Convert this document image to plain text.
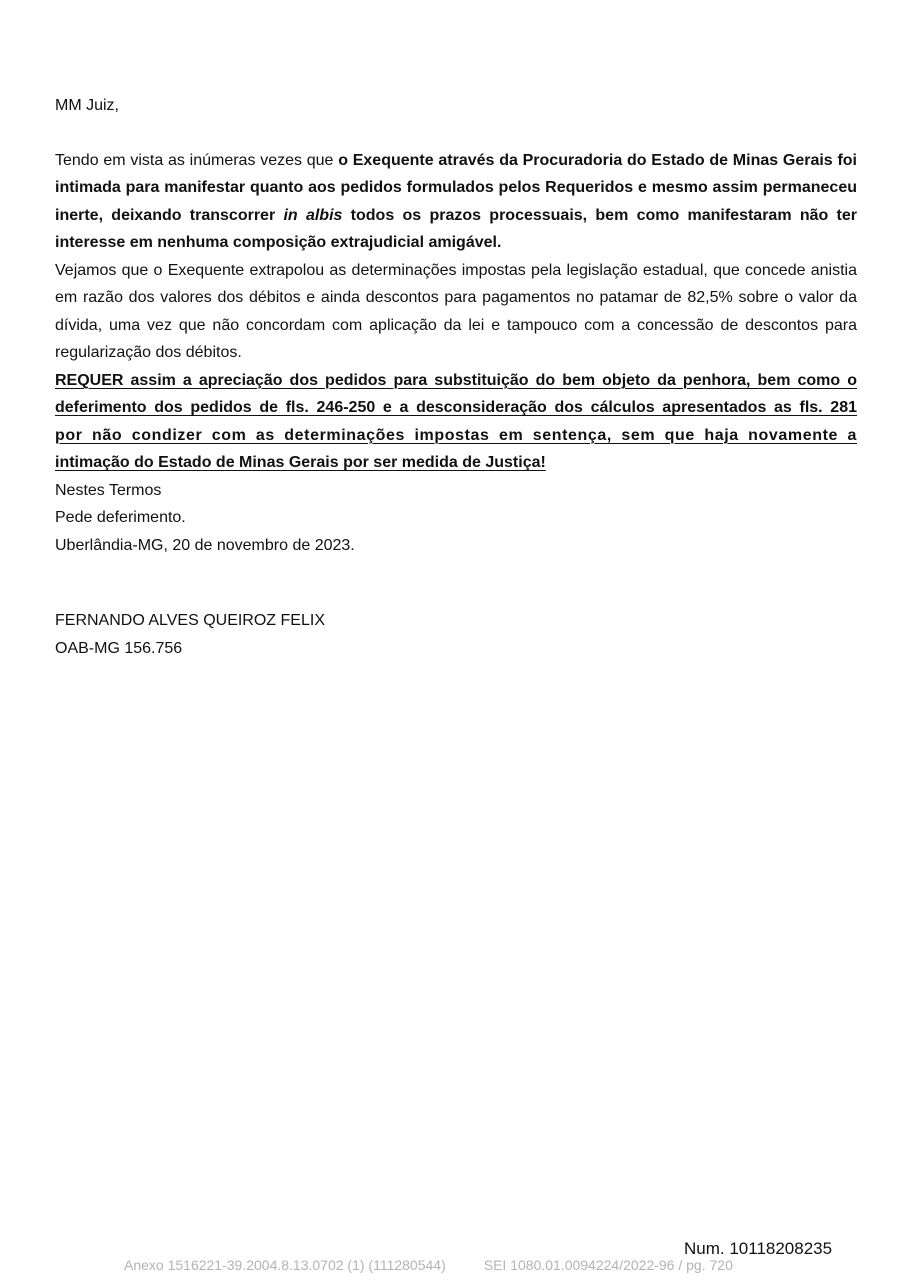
MM Juiz,

Tendo em vista as inúmeras vezes que o Exequente através da Procuradoria do Estado de Minas Gerais foi intimada para manifestar quanto aos pedidos formulados pelos Requeridos e mesmo assim permaneceu inerte, deixando transcorrer in albis todos os prazos processuais, bem como manifestaram não ter interesse em nenhuma composição extrajudicial amigável.

Vejamos que o Exequente extrapolou as determinações impostas pela legislação estadual, que concede anistia em razão dos valores dos débitos e ainda descontos para pagamentos no patamar de 82,5% sobre o valor da dívida, uma vez que não concordam com aplicação da lei e tampouco com a concessão de descontos para regularização dos débitos.

REQUER assim a apreciação dos pedidos para substituição do bem objeto da penhora, bem como o
deferimento dos pedidos de fls. 246-250 e a desconsideração dos cálculos apresentados as fls. 281
por não condizer com as determinações impostas em sentença, sem que haja novamente a
intimação do Estado de Minas Gerais por ser medida de Justiça!

Nestes Termos

Pede deferimento.

Uberlândia-MG, 20 de novembro de 2023.

FERNANDO ALVES QUEIROZ FELIX
OAB-MG 156.756
Num. 10118208235
Anexo 1516221-39.2004.8.13.0702 (1) (111280544)	SEI 1080.01.0094224/2022-96 / pg. 720
